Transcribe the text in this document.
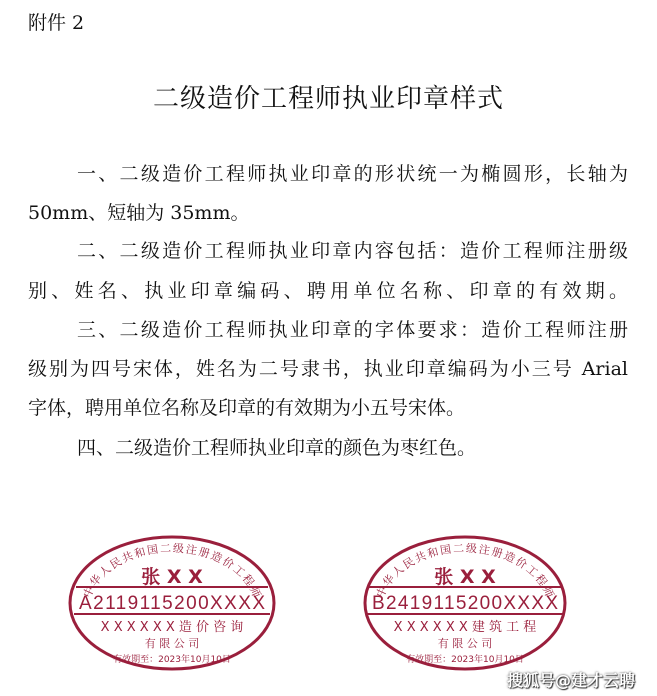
附件 2
二级造价工程师执业印章样式
一、二级造价工程师执业印章的形状统一为椭圆形，长轴为
50mm、短轴为 35mm。
二、二级造价工程师执业印章内容包括：造价工程师注册级
别、姓名、执业印章编码、聘用单位名称、印章的有效期。
三、二级造价工程师执业印章的字体要求：造价工程师注册
级别为四号宋体，姓名为二号隶书，执业印章编码为小三号 Arial
字体，聘用单位名称及印章的有效期为小五号宋体。
四、二级造价工程师执业印章的颜色为枣红色。
中华人民共和国二级注册造价工程师
张 X X
A2119115200XXXX
X X X X X X 造 价 咨 询
有 限 公 司
有效期至：2023年10月10日
中华人民共和国二级注册造价工程师
张 X X
B2419115200XXXX
X X X X X X 建 筑 工 程
有 限 公 司
有效期至：2023年10月10日
搜狐号@建才云聘
